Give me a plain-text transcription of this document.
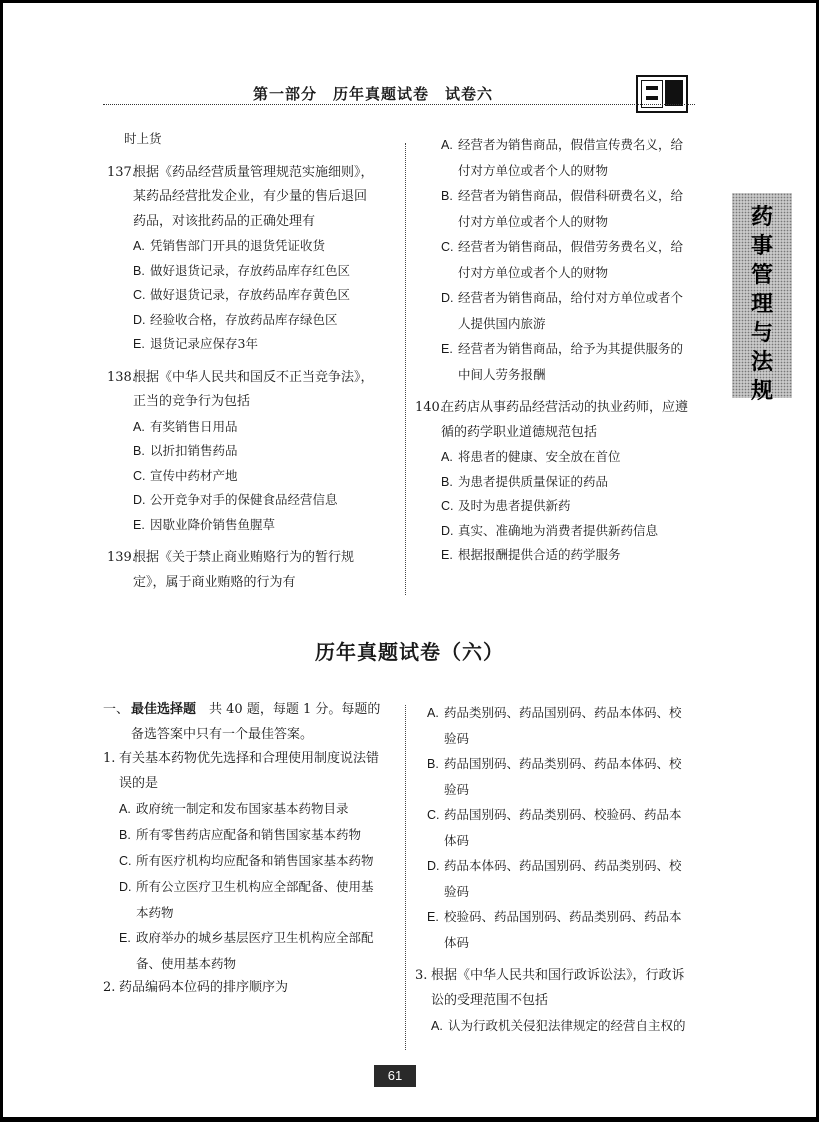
第一部分　历年真题试卷　试卷六
药事管理与法规

时上货

137.根据《药品经营质量管理规范实施细则》，某药品经营批发企业，有少量的售后退回药品，对该批药品的正确处理有

A. 凭销售部门开具的退货凭证收货

B. 做好退货记录，存放药品库存红色区

C. 做好退货记录，存放药品库存黄色区

D. 经验收合格，存放药品库存绿色区

E. 退货记录应保存3年

138.根据《中华人民共和国反不正当竞争法》，正当的竞争行为包括

A. 有奖销售日用品

B. 以折扣销售药品

C. 宣传中药材产地

D. 公开竞争对手的保健食品经营信息

E. 因歇业降价销售鱼腥草

139.根据《关于禁止商业贿赂行为的暂行规定》，属于商业贿赂的行为有

A. 经营者为销售商品，假借宣传费名义，给付对方单位或者个人的财物

B. 经营者为销售商品，假借科研费名义，给付对方单位或者个人的财物

C. 经营者为销售商品，假借劳务费名义，给付对方单位或者个人的财物

D. 经营者为销售商品，给付对方单位或者个人提供国内旅游

E. 经营者为销售商品，给予为其提供服务的中间人劳务报酬

140.在药店从事药品经营活动的执业药师，应遵循的药学职业道德规范包括

A. 将患者的健康、安全放在首位

B. 为患者提供质量保证的药品

C. 及时为患者提供新药

D. 真实、准确地为消费者提供新药信息

E. 根据报酬提供合适的药学服务

历年真题试卷（六）

一、 最佳选择题　共 40 题，每题 1 分。每题的备选答案中只有一个最佳答案。

1. 有关基本药物优先选择和合理使用制度说法错误的是

A. 政府统一制定和发布国家基本药物目录

B. 所有零售药店应配备和销售国家基本药物

C. 所有医疗机构均应配备和销售国家基本药物

D. 所有公立医疗卫生机构应全部配备、使用基本药物

E. 政府举办的城乡基层医疗卫生机构应全部配备、使用基本药物

2. 药品编码本位码的排序顺序为

A. 药品类别码、药品国别码、药品本体码、校验码

B. 药品国别码、药品类别码、药品本体码、校验码

C. 药品国别码、药品类别码、校验码、药品本体码

D. 药品本体码、药品国别码、药品类别码、校验码

E. 校验码、药品国别码、药品类别码、药品本体码

3. 根据《中华人民共和国行政诉讼法》，行政诉讼的受理范围不包括

A. 认为行政机关侵犯法律规定的经营自主权的

61
